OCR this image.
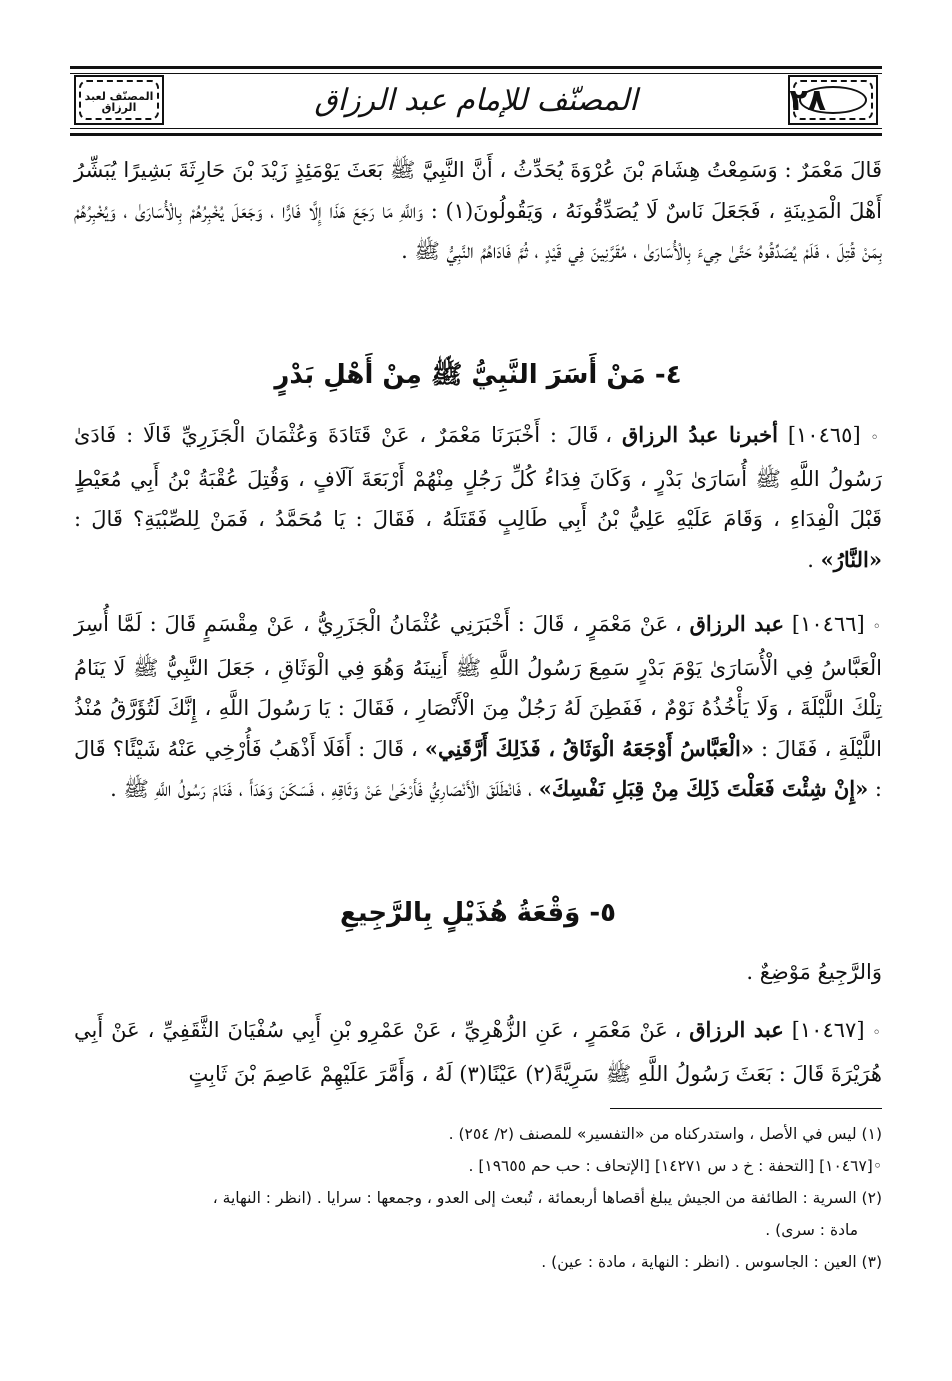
٢٨
المصنّف للإمام عبد الرزاق
المصنّف لعبد الرزاق

قَالَ مَعْمَرٌ : وَسَمِعْتُ هِشَامَ بْنَ عُرْوَةَ يُحَدِّثُ ، أَنَّ النَّبِيَّ ﷺ بَعَثَ يَوْمَئِذٍ زَيْدَ بْنَ حَارِثَةَ بَشِيرًا يُبَشِّرُ أَهْلَ الْمَدِينَةِ ، فَجَعَلَ نَاسٌ لَا يُصَدِّقُونَهُ ، وَيَقُولُونَ(١) : وَاللَّهِ مَا رَجَعَ هَذَا إِلَّا فَارًّا ، وَجَعَلَ يُخْبِرُهُمْ بِالْأُسَارَىٰ ، وَيُخْبِرُهُمْ بِمَنْ قُتِلَ ، فَلَمْ يُصَدِّقُوهُ حَتَّىٰ جِيءَ بِالْأُسَارَىٰ ، مُقَرَّنِينَ فِي قَيْدٍ ، ثُمَّ فَادَاهُمُ النَّبِيُّ ﷺ .

٤- مَنْ أَسَرَ النَّبِيُّ ﷺ مِنْ أَهْلِ بَدْرٍ

◦ [١٠٤٦٥] أخبرنا عبدُ الرزاق ، قَالَ : أَخْبَرَنَا مَعْمَرٌ ، عَنْ قَتَادَةَ وَعُثْمَانَ الْجَزَرِيِّ قَالَا : فَادَىٰ رَسُولُ اللَّهِ ﷺ أُسَارَىٰ بَدْرٍ ، وَكَانَ فِدَاءُ كُلِّ رَجُلٍ مِنْهُمْ أَرْبَعَةَ آلَافٍ ، وَقُتِلَ عُقْبَةُ بْنُ أَبِي مُعَيْطٍ قَبْلَ الْفِدَاءِ ، وَقَامَ عَلَيْهِ عَلِيُّ بْنُ أَبِي طَالِبٍ فَقَتَلَهُ ، فَقَالَ : يَا مُحَمَّدُ ، فَمَنْ لِلصِّبْيَةِ؟ قَالَ : «النَّارُ» .

◦ [١٠٤٦٦] عبد الرزاق ، عَنْ مَعْمَرٍ ، قَالَ : أَخْبَرَنِي عُثْمَانُ الْجَزَرِيُّ ، عَنْ مِقْسَمٍ قَالَ : لَمَّا أُسِرَ الْعَبَّاسُ فِي الْأُسَارَىٰ يَوْمَ بَدْرٍ سَمِعَ رَسُولُ اللَّهِ ﷺ أَنِينَهُ وَهُوَ فِي الْوَثَاقِ ، جَعَلَ النَّبِيُّ ﷺ لَا يَنَامُ تِلْكَ اللَّيْلَةَ ، وَلَا يَأْخُذُهُ نَوْمٌ ، فَفَطِنَ لَهُ رَجُلٌ مِنَ الْأَنْصَارِ ، فَقَالَ : يَا رَسُولَ اللَّهِ ، إِنَّكَ لَتُؤَرَّقُ مُنْذُ اللَّيْلَةِ ، فَقَالَ : «الْعَبَّاسُ أَوْجَعَهُ الْوَثَاقُ ، فَذَلِكَ أَرَّقَنِي» ، قَالَ : أَفَلَا أَذْهَبُ فَأُرْخِي عَنْهُ شَيْئًا؟ قَالَ : «إِنْ شِئْتَ فَعَلْتَ ذَلِكَ مِنْ قِبَلِ نَفْسِكَ» ، فَانْطَلَقَ الْأَنْصَارِيُّ فَأَرْخَىٰ عَنْ وَثَاقِهِ ، فَسَكَنَ وَهَدَأَ ، فَنَامَ رَسُولُ اللَّهِ ﷺ .

٥- وَقْعَةُ هُذَيْلٍ بِالرَّجِيعِ

وَالرَّجِيعُ مَوْضِعٌ .

◦ [١٠٤٦٧] عبد الرزاق ، عَنْ مَعْمَرٍ ، عَنِ الزُّهْرِيِّ ، عَنْ عَمْرِو بْنِ أَبِي سُفْيَانَ الثَّقَفِيِّ ، عَنْ أَبِي هُرَيْرَةَ قَالَ : بَعَثَ رَسُولُ اللَّهِ ﷺ سَرِيَّةً(٢) عَيْنًا(٣) لَهُ ، وَأَمَّرَ عَلَيْهِمْ عَاصِمَ بْنَ ثَابِتٍ

(١) ليس في الأصل ، واستدركناه من «التفسير» للمصنف (٢/ ٢٥٤) .

◦[١٠٤٦٧] [التحفة : خ د س ١٤٢٧١] [الإتحاف : حب حم ١٩٦٥٥] .

(٢) السرية : الطائفة من الجيش يبلغ أقصاها أربعمائة ، تُبعث إلى العدو ، وجمعها : سرايا . (انظر : النهاية ،

مادة : سرى) .

(٣) العين : الجاسوس . (انظر : النهاية ، مادة : عين) .
